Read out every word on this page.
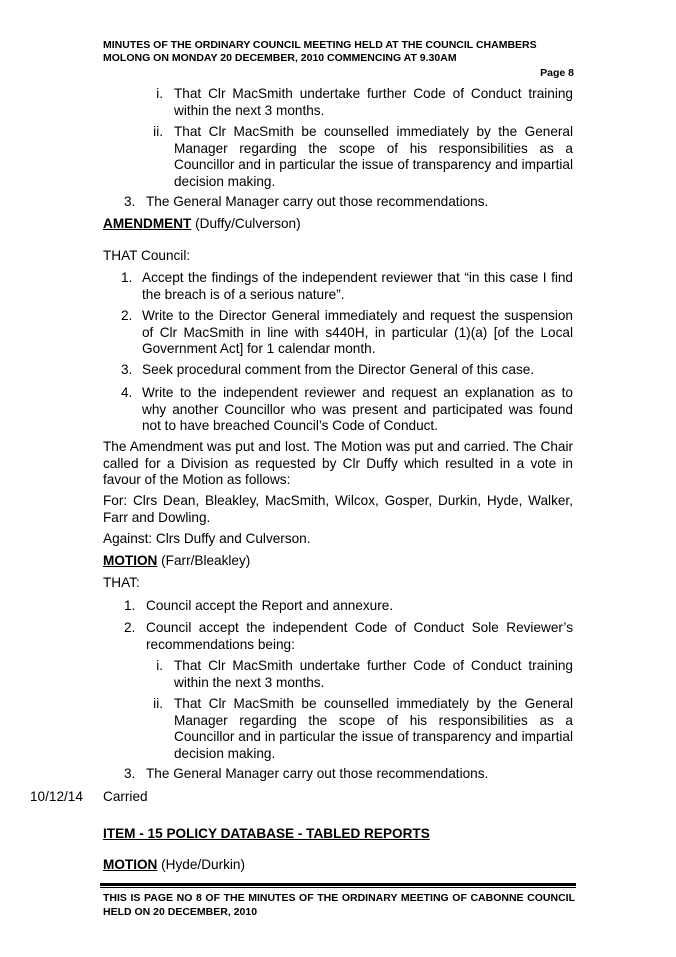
MINUTES OF THE ORDINARY COUNCIL MEETING HELD AT THE COUNCIL CHAMBERS
MOLONG ON MONDAY 20 DECEMBER, 2010 COMMENCING AT 9.30AM
Page 8
i. That Clr MacSmith undertake further Code of Conduct training within the next 3 months.
ii. That Clr MacSmith be counselled immediately by the General Manager regarding the scope of his responsibilities as a Councillor and in particular the issue of transparency and impartial decision making.
3. The General Manager carry out those recommendations.
AMENDMENT (Duffy/Culverson)
THAT Council:
1. Accept the findings of the independent reviewer that “in this case I find the breach is of a serious nature”.
2. Write to the Director General immediately and request the suspension of Clr MacSmith in line with s440H, in particular (1)(a) [of the Local Government Act] for 1 calendar month.
3. Seek procedural comment from the Director General of this case.
4. Write to the independent reviewer and request an explanation as to why another Councillor who was present and participated was found not to have breached Council’s Code of Conduct.
The Amendment was put and lost. The Motion was put and carried. The Chair called for a Division as requested by Clr Duffy which resulted in a vote in favour of the Motion as follows:
For: Clrs Dean, Bleakley, MacSmith, Wilcox, Gosper, Durkin, Hyde, Walker, Farr and Dowling.
Against: Clrs Duffy and Culverson.
MOTION (Farr/Bleakley)
THAT:
1. Council accept the Report and annexure.
2. Council accept the independent Code of Conduct Sole Reviewer’s recommendations being:
i. That Clr MacSmith undertake further Code of Conduct training within the next 3 months.
ii. That Clr MacSmith be counselled immediately by the General Manager regarding the scope of his responsibilities as a Councillor and in particular the issue of transparency and impartial decision making.
3. The General Manager carry out those recommendations.
10/12/14 Carried
ITEM - 15 POLICY DATABASE - TABLED REPORTS
MOTION (Hyde/Durkin)
THIS IS PAGE NO 8 OF THE MINUTES OF THE ORDINARY MEETING OF CABONNE COUNCIL HELD ON 20 DECEMBER, 2010
